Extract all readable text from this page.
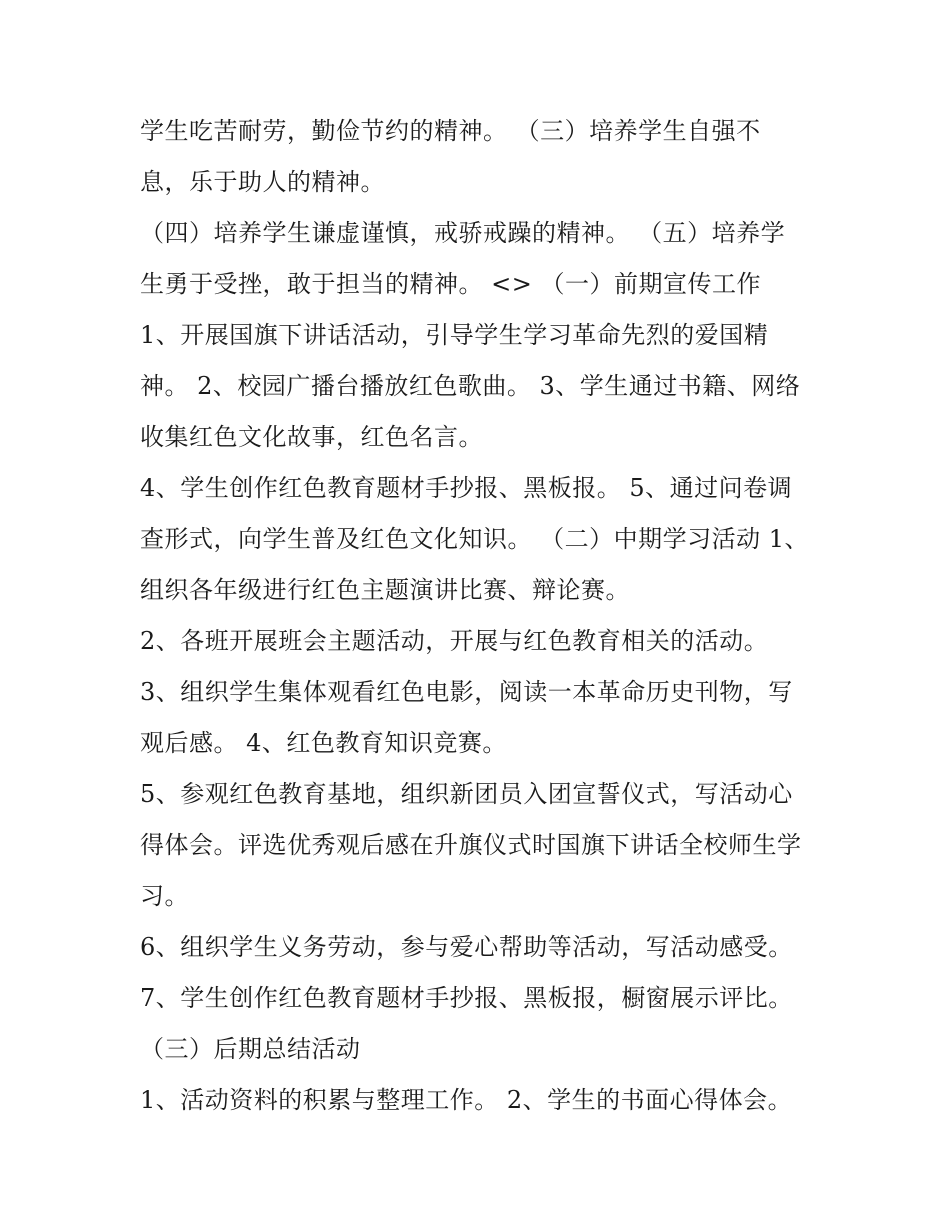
学生吃苦耐劳，勤俭节约的精神。 （三）培养学生自强不
息，乐于助人的精神。
（四）培养学生谦虚谨慎，戒骄戒躁的精神。 （五）培养学
生勇于受挫，敢于担当的精神。 <> （一）前期宣传工作
1、开展国旗下讲话活动，引导学生学习革命先烈的爱国精
神。 2、校园广播台播放红色歌曲。 3、学生通过书籍、网络
收集红色文化故事，红色名言。
4、学生创作红色教育题材手抄报、黑板报。 5、通过问卷调
查形式，向学生普及红色文化知识。 （二）中期学习活动 1、
组织各年级进行红色主题演讲比赛、辩论赛。
2、各班开展班会主题活动，开展与红色教育相关的活动。
3、组织学生集体观看红色电影，阅读一本革命历史刊物，写
观后感。 4、红色教育知识竞赛。
5、参观红色教育基地，组织新团员入团宣誓仪式，写活动心
得体会。评选优秀观后感在升旗仪式时国旗下讲话全校师生学
习。
6、组织学生义务劳动，参与爱心帮助等活动，写活动感受。
7、学生创作红色教育题材手抄报、黑板报，橱窗展示评比。
（三）后期总结活动
1、活动资料的积累与整理工作。 2、学生的书面心得体会。
